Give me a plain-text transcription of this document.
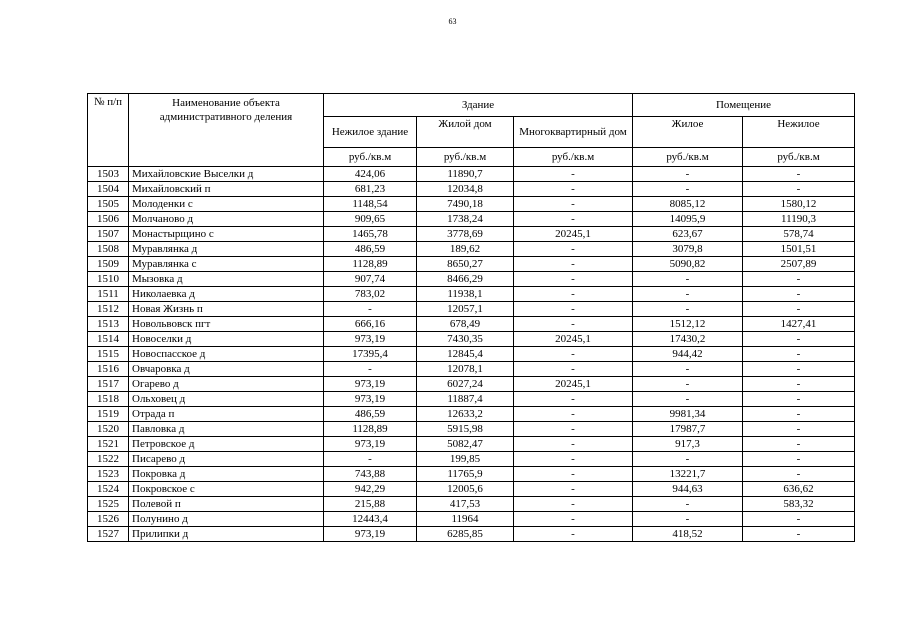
63
№ п/п	Наименование объекта административного деления	Здание			Помещение	
		Нежилое здание	Жилой дом	Многоквартирный дом	Жилое	Нежилое
		руб./кв.м	руб./кв.м	руб./кв.м	руб./кв.м	руб./кв.м
1503	Михайловские Выселки д	424,06	11890,7	-	-	-
1504	Михайловский п	681,23	12034,8	-	-	-
1505	Молоденки с	1148,54	7490,18	-	8085,12	1580,12
1506	Молчаново д	909,65	1738,24	-	14095,9	11190,3
1507	Монастырщино с	1465,78	3778,69	20245,1	623,67	578,74
1508	Муравлянка д	486,59	189,62	-	3079,8	1501,51
1509	Муравлянка с	1128,89	8650,27	-	5090,82	2507,89
1510	Мызовка д	907,74	8466,29	-	-	-
1511	Николаевка д	783,02	11938,1	-	-	-
1512	Новая Жизнь п	-	12057,1	-	-	-
1513	Новольвовск пгт	666,16	678,49	-	1512,12	1427,41
1514	Новоселки д	973,19	7430,35	20245,1	17430,2	-
1515	Новоспасское д	17395,4	12845,4	-	944,42	-
1516	Овчаровка д	-	12078,1	-	-	-
1517	Огарево д	973,19	6027,24	20245,1	-	-
1518	Ольховец д	973,19	11887,4	-	-	-
1519	Отрада п	486,59	12633,2	-	9981,34	-
1520	Павловка д	1128,89	5915,98	-	17987,7	-
1521	Петровское д	973,19	5082,47	-	917,3	-
1522	Писарево д	-	199,85	-	-	-
1523	Покровка д	743,88	11765,9	-	13221,7	-
1524	Покровское с	942,29	12005,6	-	944,63	636,62
1525	Полевой п	215,88	417,53	-	-	583,32
1526	Полунино д	12443,4	11964	-	-	-
1527	Прилипки д	973,19	6285,85	-	418,52	-
